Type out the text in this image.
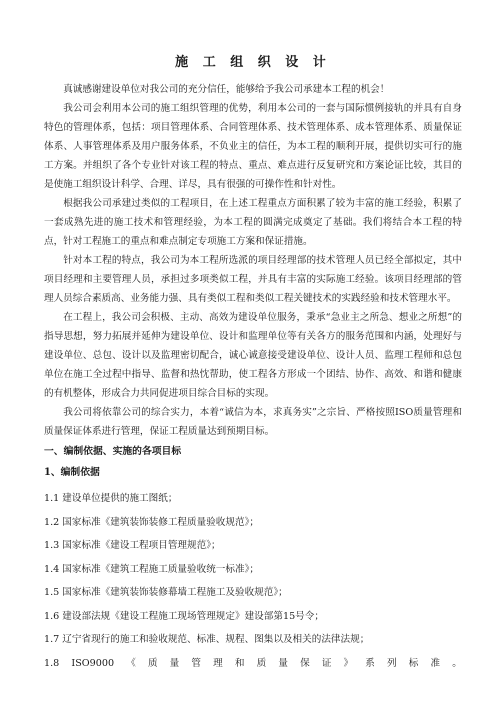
施 工 组 织 设 计

真诚感谢建设单位对我公司的充分信任，能够给予我公司承建本工程的机会！

我公司会利用本公司的施工组织管理的优势，利用本公司的一套与国际惯例接轨的并具有自身特色的管理体系，包括：项目管理体系、合同管理体系、技术管理体系、成本管理体系、质量保证体系、人事管理体系及用户服务体系，不负业主的信任，为本工程的顺利开展，提供切实可行的施工方案。并组织了各个专业针对该工程的特点、重点、难点进行反复研究和方案论证比较，其目的是使施工组织设计科学、合理、详尽，具有很强的可操作性和针对性。

根据我公司承建过类似的工程项目，在上述工程重点方面积累了较为丰富的施工经验，积累了一套成熟先进的施工技术和管理经验，为本工程的圆满完成奠定了基础。我们将结合本工程的特点，针对工程施工的重点和难点制定专项施工方案和保证措施。

针对本工程的特点，我公司为本工程所选派的项目经理部的技术管理人员已经全部拟定，其中项目经理和主要管理人员，承担过多项类似工程，并具有丰富的实际施工经验。该项目经理部的管理人员综合素质高、业务能力强、具有类似工程和类似工程关键技术的实践经验和技术管理水平。

在工程上，我公司会积极、主动、高效为建设单位服务，秉承“急业主之所急、想业之所想”的指导思想，努力拓展并延伸为建设单位、设计和监理单位等有关各方的服务范围和内涵，处理好与建设单位、总包、设计以及监理密切配合，诚心诚意接受建设单位、设计人员、监理工程师和总包单位在施工全过程中指导、监督和热忱帮助，使工程各方形成一个团结、协作、高效、和谐和健康的有机整体，形成合力共同促进项目综合目标的实现。

我公司将依靠公司的综合实力，本着“诚信为本，求真务实”之宗旨、严格按照ISO质量管理和质量保证体系进行管理，保证工程质量达到预期目标。

一、编制依据、实施的各项目标
1、编制依据
1.1 建设单位提供的施工图纸；
1.2 国家标准《建筑装饰装修工程质量验收规范》；
1.3 国家标准《建设工程项目管理规范》；
1.4 国家标准《建筑工程施工质量验收统一标准》；
1.5 国家标准《建筑装饰装修幕墙工程施工及验收规范》；
1.6 建设部法规《建设工程施工现场管理规定》建设部第15号令；
1.7 辽宁省现行的施工和验收规范、标准、规程、图集以及相关的法律法规；
1.8 ISO9000 《 质 量 管 理 和 质 量 保 证 》 系 列 标 准 。
